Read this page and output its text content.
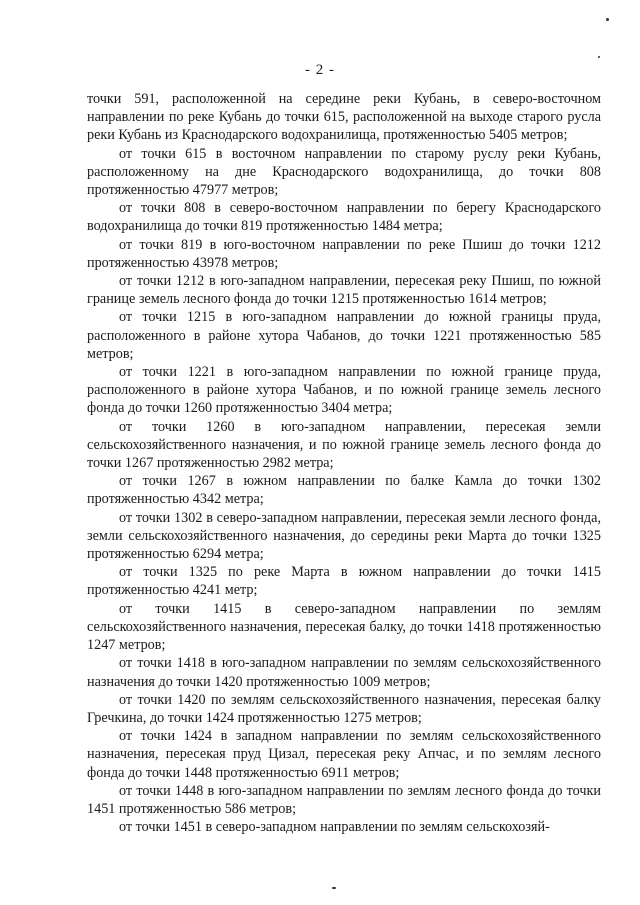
- 2 -

точки 591, расположенной на середине реки Кубань, в северо-восточном направлении по реке Кубань до точки 615, расположенной на выходе старого русла реки Кубань из Краснодарского водохранилища, протяженностью 5405 метров;

от точки 615 в восточном направлении по старому руслу реки Кубань, расположенному на дне Краснодарского водохранилища, до точки 808 протяженностью 47977 метров;

от точки 808 в северо-восточном направлении по берегу Краснодарского водохранилища до точки 819 протяженностью 1484 метра;

от точки 819 в юго-восточном направлении по реке Пшиш до точки 1212 протяженностью 43978 метров;

от точки 1212 в юго-западном направлении, пересекая реку Пшиш, по южной границе земель лесного фонда до точки 1215 протяженностью 1614 метров;

от точки 1215 в юго-западном направлении до южной границы пруда, расположенного в районе хутора Чабанов, до точки 1221 протяженностью 585 метров;

от точки 1221 в юго-западном направлении по южной границе пруда, расположенного в районе хутора Чабанов, и по южной границе земель лесного фонда до точки 1260 протяженностью 3404 метра;

от точки 1260 в юго-западном направлении, пересекая земли сельскохозяйственного назначения, и по южной границе земель лесного фонда до точки 1267 протяженностью 2982 метра;

от точки 1267 в южном направлении по балке Камла до точки 1302 протяженностью 4342 метра;

от точки 1302 в северо-западном направлении, пересекая земли лесного фонда, земли сельскохозяйственного назначения, до середины реки Марта до точки 1325 протяженностью 6294 метра;

от точки 1325 по реке Марта в южном направлении до точки 1415 протяженностью 4241 метр;

от точки 1415 в северо-западном направлении по землям сельскохозяйственного назначения, пересекая балку, до точки 1418 протяженностью 1247 метров;

от точки 1418 в юго-западном направлении по землям сельскохозяйственного назначения до точки 1420 протяженностью 1009 метров;

от точки 1420 по землям сельскохозяйственного назначения, пересекая балку Гречкина, до точки 1424 протяженностью 1275 метров;

от точки 1424 в западном направлении по землям сельскохозяйственного назначения, пересекая пруд Цизал, пересекая реку Апчас, и по землям лесного фонда до точки 1448 протяженностью 6911 метров;

от точки 1448 в юго-западном направлении по землям лесного фонда до точки 1451 протяженностью 586 метров;

от точки 1451 в северо-западном направлении по землям сельскохозяй-
